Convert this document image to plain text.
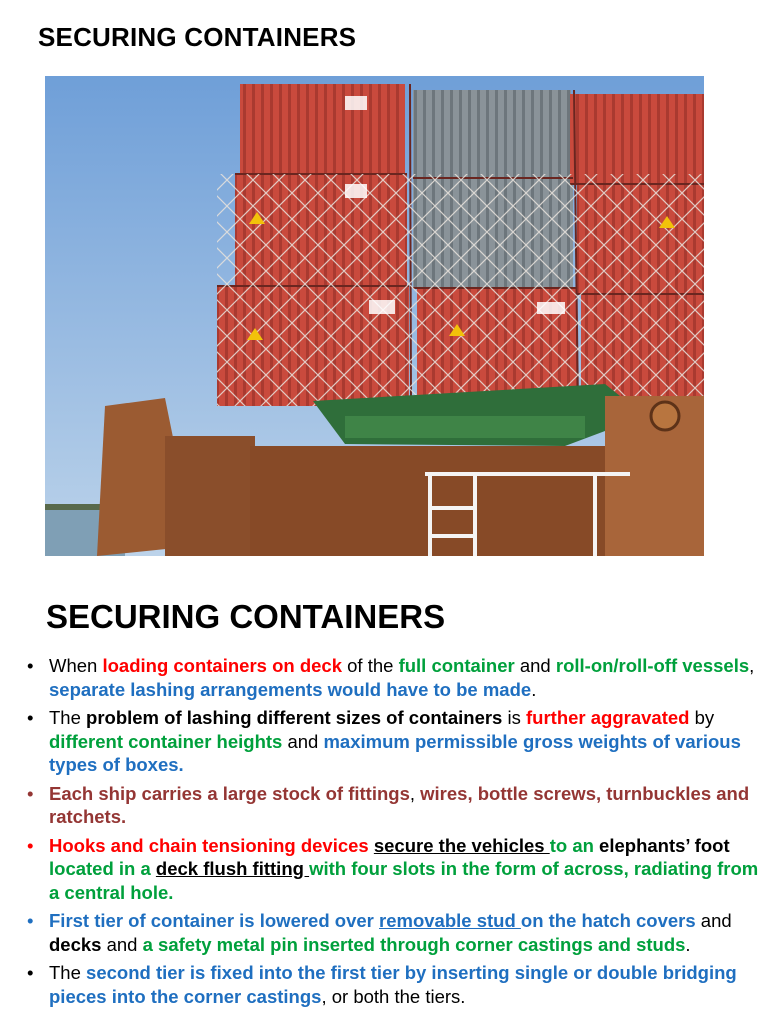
SECURING CONTAINERS
SECURING CONTAINERS
• When loading containers on deck of the full container and roll-on/roll-off vessels, separate lashing arrangements would have to be made.
• The problem of lashing different sizes of containers is further aggravated by different container heights and maximum permissible gross weights of various types of boxes.
• Each ship carries a large stock of fittings, wires, bottle screws, turnbuckles and ratchets.
• Hooks and chain tensioning devices secure the vehicles to an elephants’ foot located in a deck flush fitting with four slots in the form of across, radiating from a central hole.
• First tier of container is lowered over removable stud on the hatch covers and decks and a safety metal pin inserted through corner castings and studs.
• The second tier is fixed into the first tier by inserting single or double bridging pieces into the corner castings, or both the tiers.
